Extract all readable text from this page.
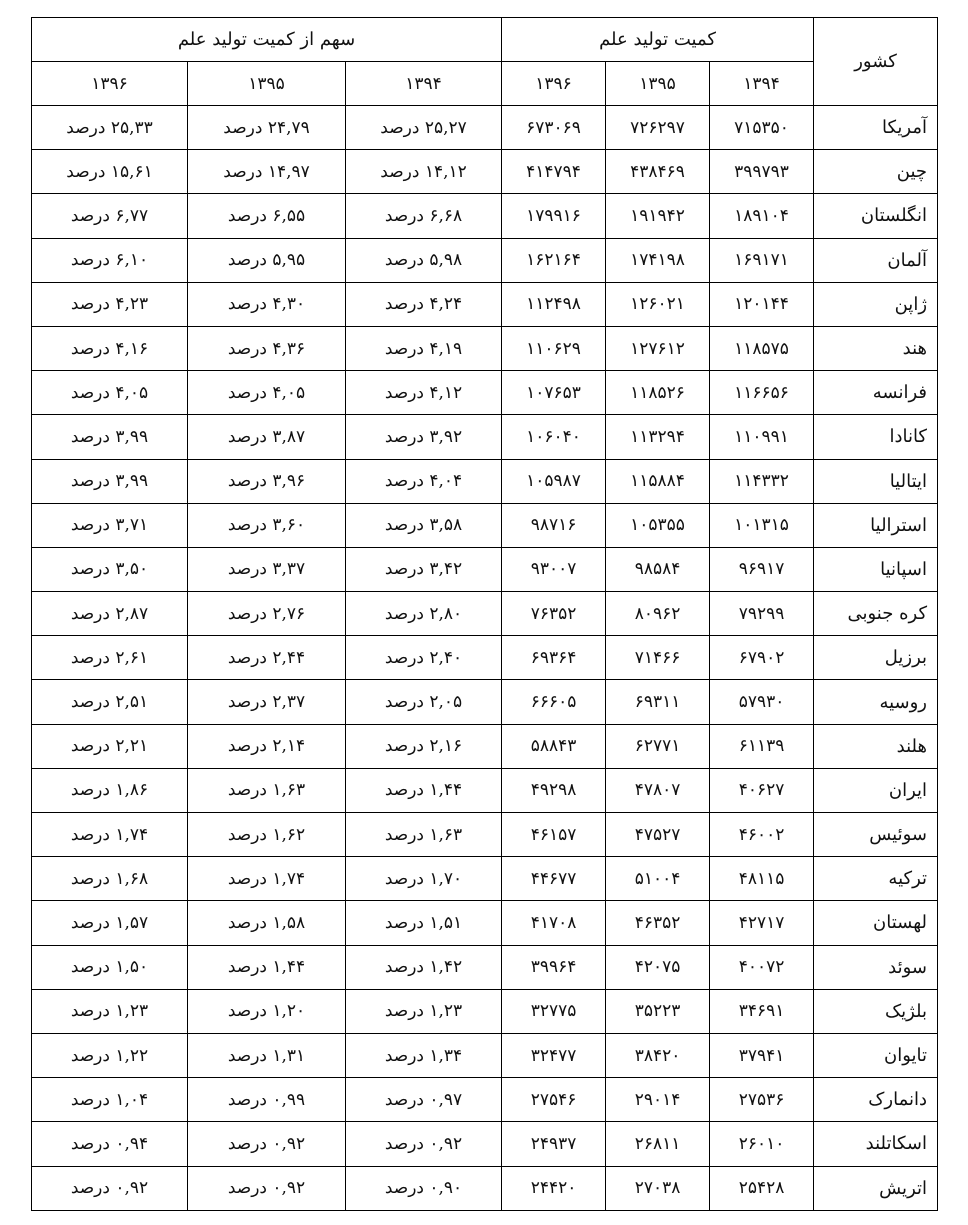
کشور	کمیت تولید علم			سهم از کمیت تولید علم		
	۱۳۹۴	۱۳۹۵	۱۳۹۶	۱۳۹۴	۱۳۹۵	۱۳۹۶
آمریکا	۷۱۵۳۵۰	۷۲۶۲۹۷	۶۷۳۰۶۹	۲۵,۲۷ درصد	۲۴,۷۹ درصد	۲۵,۳۳ درصد
چین	۳۹۹۷۹۳	۴۳۸۴۶۹	۴۱۴۷۹۴	۱۴,۱۲ درصد	۱۴,۹۷ درصد	۱۵,۶۱ درصد
انگلستان	۱۸۹۱۰۴	۱۹۱۹۴۲	۱۷۹۹۱۶	۶,۶۸ درصد	۶,۵۵ درصد	۶,۷۷ درصد
آلمان	۱۶۹۱۷۱	۱۷۴۱۹۸	۱۶۲۱۶۴	۵,۹۸ درصد	۵,۹۵ درصد	۶,۱۰ درصد
ژاپن	۱۲۰۱۴۴	۱۲۶۰۲۱	۱۱۲۴۹۸	۴,۲۴ درصد	۴,۳۰ درصد	۴,۲۳ درصد
هند	۱۱۸۵۷۵	۱۲۷۶۱۲	۱۱۰۶۲۹	۴,۱۹ درصد	۴,۳۶ درصد	۴,۱۶ درصد
فرانسه	۱۱۶۶۵۶	۱۱۸۵۲۶	۱۰۷۶۵۳	۴,۱۲ درصد	۴,۰۵ درصد	۴,۰۵ درصد
کانادا	۱۱۰۹۹۱	۱۱۳۲۹۴	۱۰۶۰۴۰	۳,۹۲ درصد	۳,۸۷ درصد	۳,۹۹ درصد
ایتالیا	۱۱۴۳۳۲	۱۱۵۸۸۴	۱۰۵۹۸۷	۴,۰۴ درصد	۳,۹۶ درصد	۳,۹۹ درصد
استرالیا	۱۰۱۳۱۵	۱۰۵۳۵۵	۹۸۷۱۶	۳,۵۸ درصد	۳,۶۰ درصد	۳,۷۱ درصد
اسپانیا	۹۶۹۱۷	۹۸۵۸۴	۹۳۰۰۷	۳,۴۲ درصد	۳,۳۷ درصد	۳,۵۰ درصد
کره جنوبی	۷۹۲۹۹	۸۰۹۶۲	۷۶۳۵۲	۲,۸۰ درصد	۲,۷۶ درصد	۲,۸۷ درصد
برزیل	۶۷۹۰۲	۷۱۴۶۶	۶۹۳۶۴	۲,۴۰ درصد	۲,۴۴ درصد	۲,۶۱ درصد
روسیه	۵۷۹۳۰	۶۹۳۱۱	۶۶۶۰۵	۲,۰۵ درصد	۲,۳۷ درصد	۲,۵۱ درصد
هلند	۶۱۱۳۹	۶۲۷۷۱	۵۸۸۴۳	۲,۱۶ درصد	۲,۱۴ درصد	۲,۲۱ درصد
ایران	۴۰۶۲۷	۴۷۸۰۷	۴۹۲۹۸	۱,۴۴ درصد	۱,۶۳ درصد	۱,۸۶ درصد
سوئیس	۴۶۰۰۲	۴۷۵۲۷	۴۶۱۵۷	۱,۶۳ درصد	۱,۶۲ درصد	۱,۷۴ درصد
ترکیه	۴۸۱۱۵	۵۱۰۰۴	۴۴۶۷۷	۱,۷۰ درصد	۱,۷۴ درصد	۱,۶۸ درصد
لهستان	۴۲۷۱۷	۴۶۳۵۲	۴۱۷۰۸	۱,۵۱ درصد	۱,۵۸ درصد	۱,۵۷ درصد
سوئد	۴۰۰۷۲	۴۲۰۷۵	۳۹۹۶۴	۱,۴۲ درصد	۱,۴۴ درصد	۱,۵۰ درصد
بلژیک	۳۴۶۹۱	۳۵۲۲۳	۳۲۷۷۵	۱,۲۳ درصد	۱,۲۰ درصد	۱,۲۳ درصد
تایوان	۳۷۹۴۱	۳۸۴۲۰	۳۲۴۷۷	۱,۳۴ درصد	۱,۳۱ درصد	۱,۲۲ درصد
دانمارک	۲۷۵۳۶	۲۹۰۱۴	۲۷۵۴۶	۰,۹۷ درصد	۰,۹۹ درصد	۱,۰۴ درصد
اسکاتلند	۲۶۰۱۰	۲۶۸۱۱	۲۴۹۳۷	۰,۹۲ درصد	۰,۹۲ درصد	۰,۹۴ درصد
اتریش	۲۵۴۲۸	۲۷۰۳۸	۲۴۴۲۰	۰,۹۰ درصد	۰,۹۲ درصد	۰,۹۲ درصد
